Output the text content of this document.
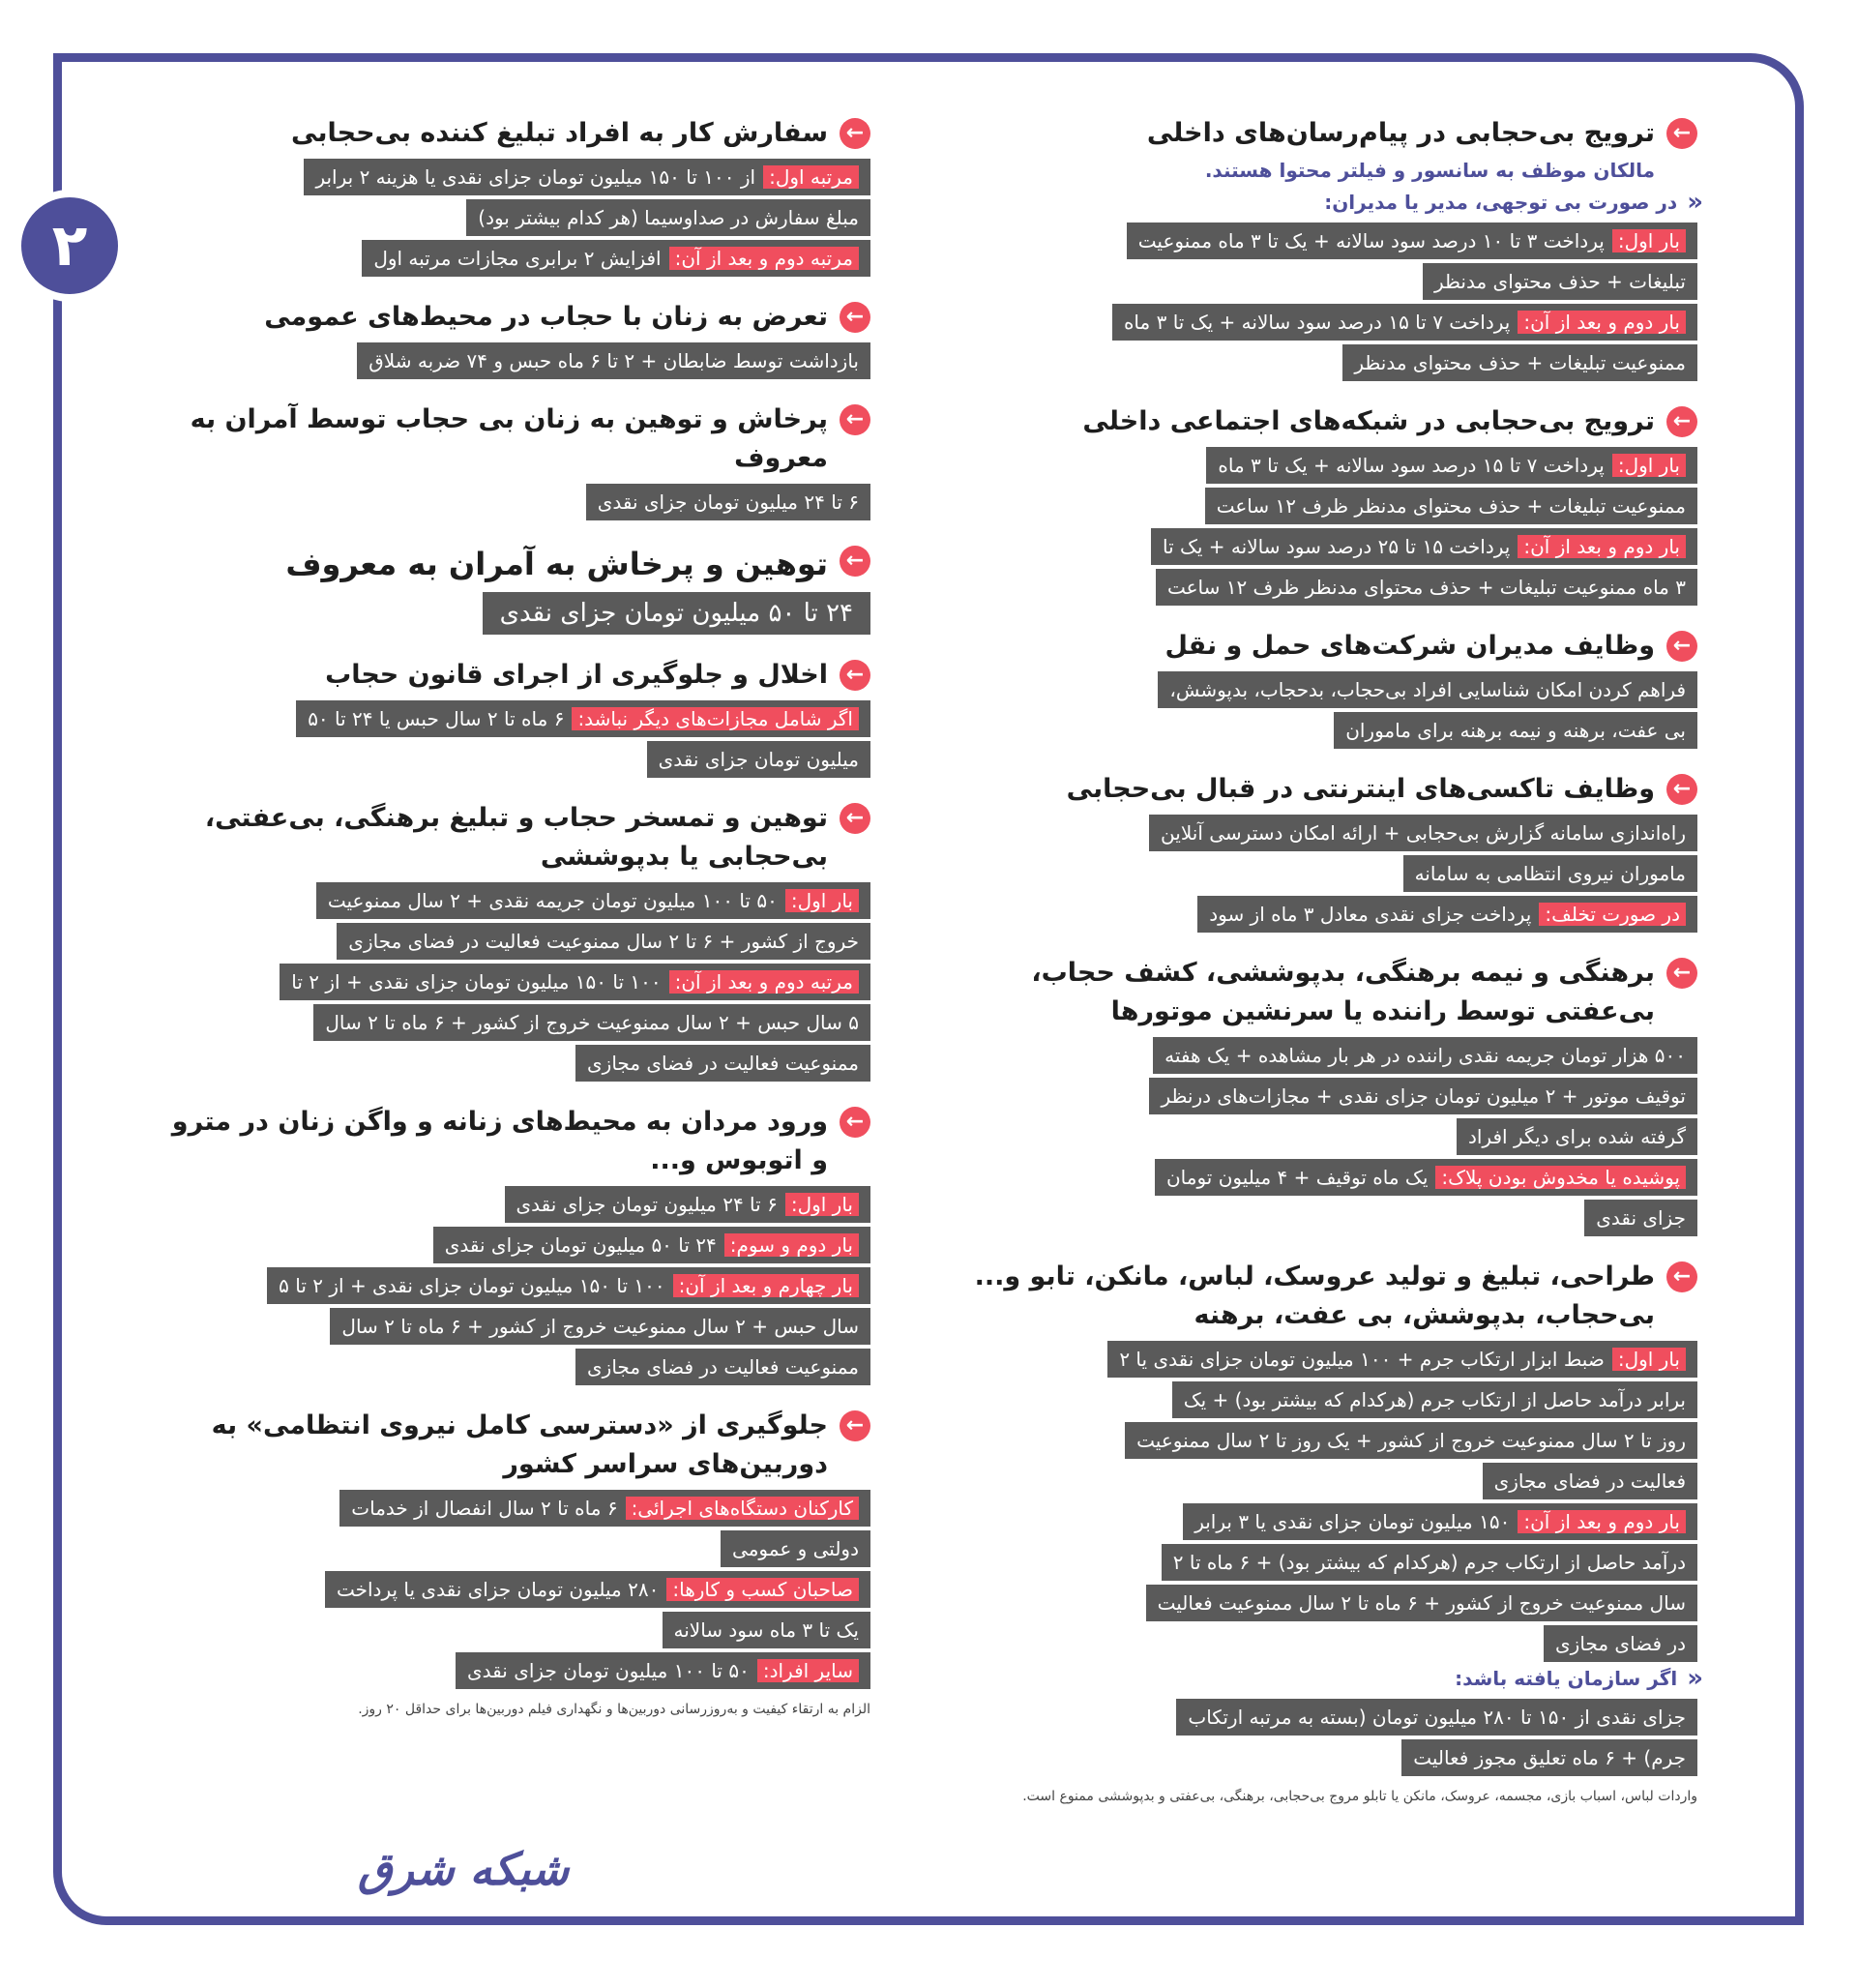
۲
←
ترویج بی‌حجابی در پیام‌رسان‌های داخلی
مالکان موظف به سانسور و فیلتر محتوا هستند.
«
در صورت بی توجهی، مدیر یا مدیران:
بار اول:پرداخت ۳ تا ۱۰ درصد سود سالانه + یک تا ۳ ماه ممنوعیت
تبلیغات + حذف محتوای مدنظر
بار دوم و بعد از آن:پرداخت ۷ تا ۱۵ درصد سود سالانه + یک تا ۳ ماه
ممنوعیت تبلیغات + حذف محتوای مدنظر
←
ترویج بی‌حجابی در شبکه‌های اجتماعی داخلی
بار اول:پرداخت ۷ تا ۱۵ درصد سود سالانه + یک تا ۳ ماه
ممنوعیت تبلیغات + حذف محتوای مدنظر ظرف ۱۲ ساعت
بار دوم و بعد از آن:پرداخت ۱۵ تا ۲۵ درصد سود سالانه + یک تا
۳ ماه ممنوعیت تبلیغات + حذف محتوای مدنظر ظرف ۱۲ ساعت
←
وظایف مدیران شرکت‌های حمل و نقل
فراهم کردن امکان شناسایی افراد بی‌حجاب، بدحجاب، بدپوشش،
بی عفت، برهنه و نیمه برهنه برای ماموران
←
وظایف تاکسی‌های اینترنتی در قبال بی‌حجابی
راه‌اندازی سامانه گزارش بی‌حجابی + ارائه امکان دسترسی آنلاین
ماموران نیروی انتظامی به سامانه
در صورت تخلف:پرداخت جزای نقدی معادل ۳ ماه از سود
←
برهنگی و نیمه برهنگی، بدپوششی، کشف حجاب، بی‌عفتی توسط راننده یا سرنشین موتورها
۵۰۰ هزار تومان جریمه نقدی راننده در هر بار مشاهده + یک هفته
توقیف موتور + ۲ میلیون تومان جزای نقدی + مجازات‌های درنظر
گرفته شده برای دیگر افراد
پوشیده یا مخدوش بودن پلاک:یک ماه توقیف + ۴ میلیون تومان
جزای نقدی
←
طراحی، تبلیغ و تولید عروسک، لباس، مانکن، تابو و... بی‌حجاب، بدپوشش، بی عفت، برهنه
بار اول:ضبط ابزار ارتکاب جرم + ۱۰۰ میلیون تومان جزای نقدی یا ۲
برابر درآمد حاصل از ارتکاب جرم (هرکدام که بیشتر بود) + یک
روز تا ۲ سال ممنوعیت خروج از کشور + یک روز تا ۲ سال ممنوعیت
فعالیت در فضای مجازی
بار دوم و بعد از آن:۱۵۰ میلیون تومان جزای نقدی یا ۳ برابر
درآمد حاصل از ارتکاب جرم (هرکدام که بیشتر بود) + ۶ ماه تا ۲
سال ممنوعیت خروج از کشور + ۶ ماه تا ۲ سال ممنوعیت فعالیت
در فضای مجازی
«
اگر سازمان یافته باشد:
جزای نقدی از ۱۵۰ تا ۲۸۰ میلیون تومان (بسته به مرتبه ارتکاب
جرم) + ۶ ماه تعلیق مجوز فعالیت
واردات لباس، اسباب بازی، مجسمه، عروسک، مانکن یا تابلو مروج بی‌حجابی، برهنگی، بی‌عفتی و بدپوششی ممنوع است.
←
سفارش کار به افراد تبلیغ کننده بی‌حجابی
مرتبه اول:از ۱۰۰ تا ۱۵۰ میلیون تومان جزای نقدی یا هزینه ۲ برابر
مبلغ سفارش در صداوسیما (هر کدام بیشتر بود)
مرتبه دوم و بعد از آن:افزایش ۲ برابری مجازات مرتبه اول
←
تعرض به زنان با حجاب در محیط‌های عمومی
بازداشت توسط ضابطان + ۲ تا ۶ ماه حبس و ۷۴ ضربه شلاق
←
پرخاش و توهین به زنان بی حجاب توسط آمران به معروف
۶ تا ۲۴ میلیون تومان جزای نقدی
←
توهین و پرخاش به آمران به معروف
۲۴ تا ۵۰ میلیون تومان جزای نقدی
←
اخلال و جلوگیری از اجرای قانون حجاب
اگر شامل مجازات‌های دیگر نباشد:۶ ماه تا ۲ سال حبس یا ۲۴ تا ۵۰
میلیون تومان جزای نقدی
←
توهین و تمسخر حجاب و تبلیغ برهنگی، بی‌عفتی، بی‌حجابی یا بدپوششی
بار اول:۵۰ تا ۱۰۰ میلیون تومان جریمه نقدی + ۲ سال ممنوعیت
خروج از کشور + ۶ تا ۲ سال ممنوعیت فعالیت در فضای مجازی
مرتبه دوم و بعد از آن:۱۰۰ تا ۱۵۰ میلیون تومان جزای نقدی + از ۲ تا
۵ سال حبس + ۲ سال ممنوعیت خروج از کشور + ۶ ماه تا ۲ سال
ممنوعیت فعالیت در فضای مجازی
←
ورود مردان به محیط‌های زنانه و واگن زنان در مترو و اتوبوس و...
بار اول:۶ تا ۲۴ میلیون تومان جزای نقدی
بار دوم و سوم:۲۴ تا ۵۰ میلیون تومان جزای نقدی
بار چهارم و بعد از آن:۱۰۰ تا ۱۵۰ میلیون تومان جزای نقدی + از ۲ تا ۵
سال حبس + ۲ سال ممنوعیت خروج از کشور + ۶ ماه تا ۲ سال
ممنوعیت فعالیت در فضای مجازی
←
جلوگیری از «دسترسی کامل نیروی انتظامی» به دوربین‌های سراسر کشور
کارکنان دستگاه‌های اجرائی:۶ ماه تا ۲ سال انفصال از خدمات
دولتی و عمومی
صاحبان کسب و کارها:۲۸۰ میلیون تومان جزای نقدی یا پرداخت
یک تا ۳ ماه سود سالانه
سایر افراد:۵۰ تا ۱۰۰ میلیون تومان جزای نقدی
الزام به ارتقاء کیفیت و به‌روزرسانی دوربین‌ها و نگهداری فیلم دوربین‌ها برای حداقل ۲۰ روز.
شبکه شرق
